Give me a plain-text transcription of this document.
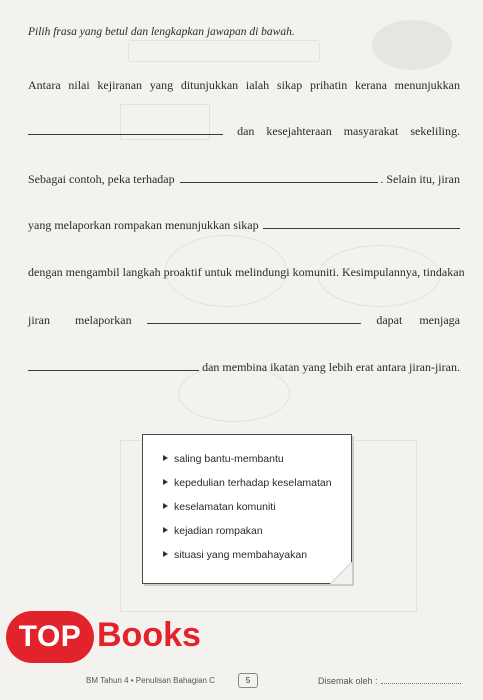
Pilih frasa yang betul dan lengkapkan jawapan di bawah.
Antara nilai kejiranan yang ditunjukkan ialah sikap prihatin kerana menunjukkan
dan kesejahteraan masyarakat sekeliling.
Sebagai contoh, peka terhadap	. Selain itu, jiran
yang melaporkan rompakan menunjukkan sikap
dengan mengambil langkah proaktif untuk melindungi komuniti. Kesimpulannya, tindakan
jiran melaporkan	dapat menjaga
dan membina ikatan yang lebih erat antara jiran-jiran.
saling bantu-membantu
kepedulian terhadap keselamatan
keselamatan komuniti
kejadian rompakan
situasi yang membahayakan
TOP Books
BM Tahun 4 • Penulisan Bahagian C	5	Disemak oleh :
